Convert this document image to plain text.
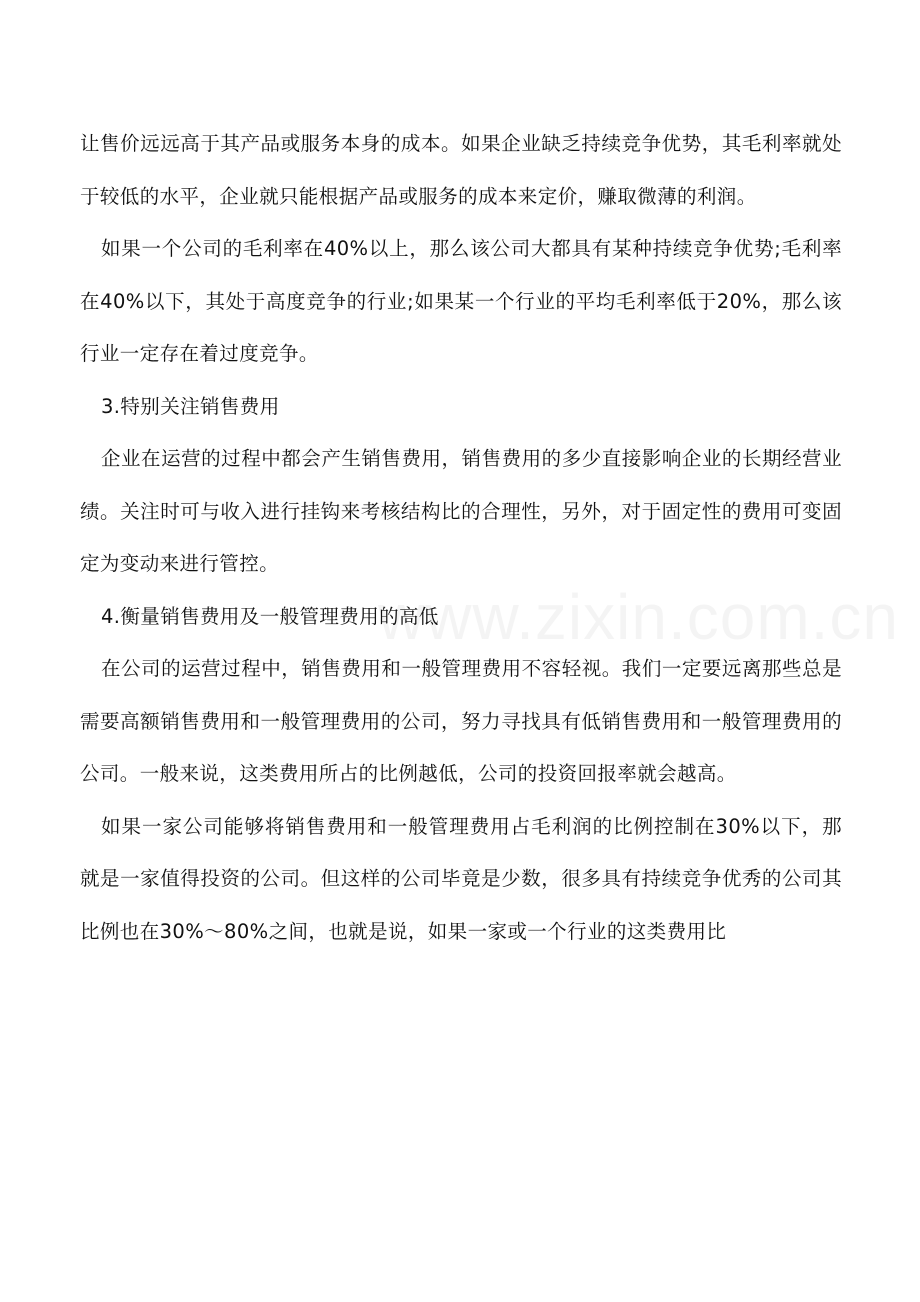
让售价远远高于其产品或服务本身的成本。如果企业缺乏持续竞争优势，其毛利率就处于较低的水平，企业就只能根据产品或服务的成本来定价，赚取微薄的利润。

如果一个公司的毛利率在40%以上，那么该公司大都具有某种持续竞争优势;毛利率在40%以下，其处于高度竞争的行业;如果某一个行业的平均毛利率低于20%，那么该行业一定存在着过度竞争。

3.特别关注销售费用

企业在运营的过程中都会产生销售费用，销售费用的多少直接影响企业的长期经营业绩。关注时可与收入进行挂钩来考核结构比的合理性，另外，对于固定性的费用可变固定为变动来进行管控。

4.衡量销售费用及一般管理费用的高低

在公司的运营过程中，销售费用和一般管理费用不容轻视。我们一定要远离那些总是需要高额销售费用和一般管理费用的公司，努力寻找具有低销售费用和一般管理费用的公司。一般来说，这类费用所占的比例越低，公司的投资回报率就会越高。

如果一家公司能够将销售费用和一般管理费用占毛利润的比例控制在30%以下，那就是一家值得投资的公司。但这样的公司毕竟是少数，很多具有持续竞争优秀的公司其比例也在30%～80%之间，也就是说，如果一家或一个行业的这类费用比
